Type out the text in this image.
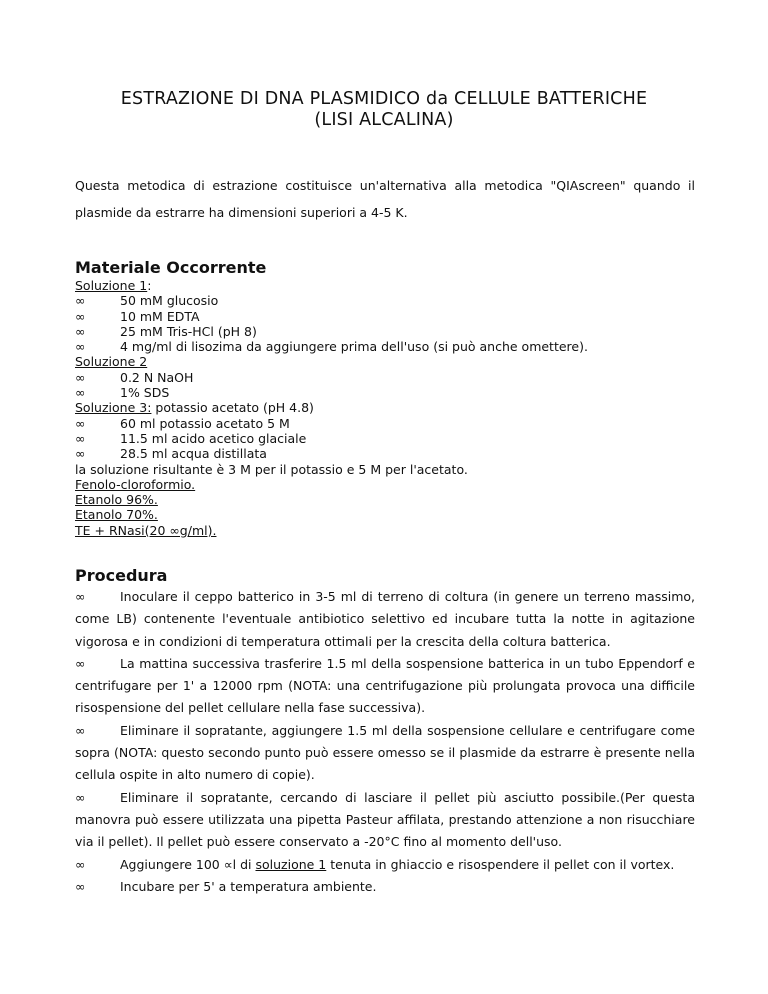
ESTRAZIONE DI DNA PLASMIDICO da CELLULE BATTERICHE
(LISI ALCALINA)
Questa metodica di estrazione costituisce un'alternativa alla metodica "QIAscreen" quando il plasmide da estrarre ha dimensioni superiori a 4-5 K.
Materiale Occorrente
Soluzione 1:
∞	50 mM glucosio
∞	10 mM EDTA
∞	25 mM Tris-HCl (pH 8)
∞	4 mg/ml di lisozima da aggiungere prima dell'uso (si può anche omettere).
Soluzione 2
∞	0.2 N NaOH
∞	1% SDS
Soluzione 3: potassio acetato (pH 4.8)
∞	60 ml potassio acetato 5 M
∞	11.5 ml acido acetico glaciale
∞	28.5 ml acqua distillata
la soluzione risultante è 3 M per il potassio e 5 M per l'acetato.
Fenolo-cloroformio.
Etanolo 96%.
Etanolo 70%.
TE + RNasi(20 ∞g/ml).
Procedura

∞	Inoculare il ceppo batterico in 3-5 ml di terreno di coltura (in genere un terreno massimo, come LB) contenente l'eventuale antibiotico selettivo ed incubare tutta la notte in agitazione vigorosa e in condizioni di temperatura ottimali per la crescita della coltura batterica.

∞	La mattina successiva trasferire 1.5 ml della sospensione batterica in un tubo Eppendorf e centrifugare per 1' a 12000 rpm (NOTA: una centrifugazione più prolungata provoca una difficile risospensione del pellet cellulare nella fase successiva).

∞	Eliminare il sopratante, aggiungere 1.5 ml della sospensione cellulare e centrifugare come sopra (NOTA: questo secondo punto può essere omesso se il plasmide da estrarre è presente nella cellula ospite in alto numero di copie).

∞	Eliminare il sopratante, cercando di lasciare il pellet più asciutto possibile.(Per questa manovra può essere utilizzata una pipetta Pasteur affilata, prestando attenzione a non risucchiare via il pellet). Il pellet può essere conservato a -20°C fino al momento dell'uso.

∞	Aggiungere 100 ∝l di soluzione 1 tenuta in ghiaccio e risospendere il pellet con il vortex.

∞	Incubare per 5' a temperatura ambiente.
